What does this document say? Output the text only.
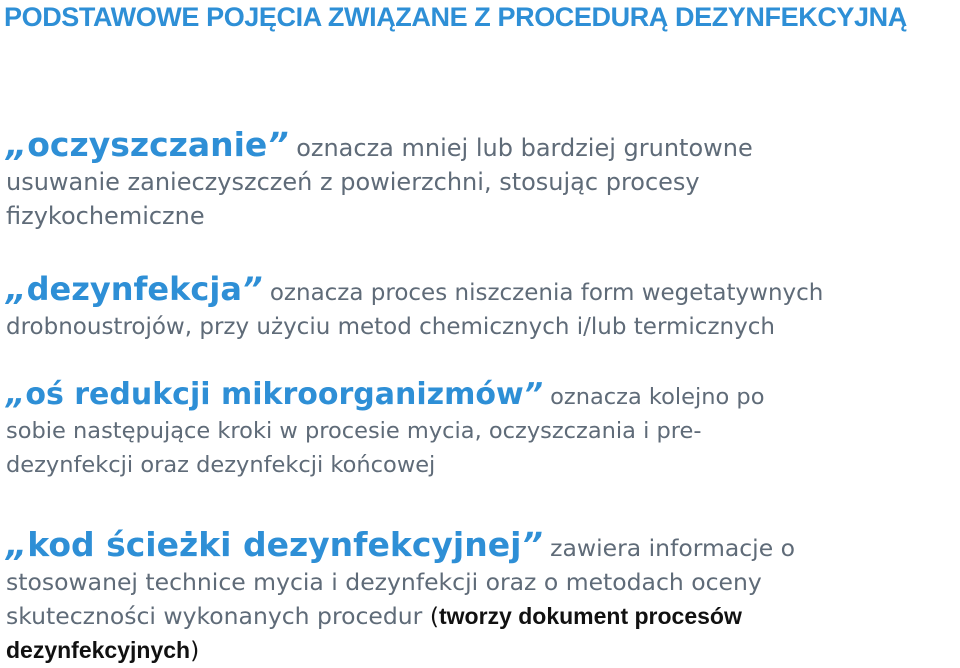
PODSTAWOWE POJĘCIA ZWIĄZANE Z PROCEDURĄ DEZYNFEKCYJNĄ

„oczyszczanie” oznacza mniej lub bardziej gruntowne
usuwanie zanieczyszczeń z powierzchni, stosując procesy
fizykochemiczne

„dezynfekcja” oznacza proces niszczenia form wegetatywnych
drobnoustrojów, przy użyciu metod chemicznych i/lub termicznych

„oś redukcji mikroorganizmów” oznacza kolejno po
sobie następujące kroki w procesie mycia, oczyszczania i pre-
dezynfekcji oraz dezynfekcji końcowej

„kod ścieżki dezynfekcyjnej” zawiera informacje o
stosowanej technice mycia i dezynfekcji oraz o metodach oceny
skuteczności wykonanych procedur (tworzy dokument procesów
dezynfekcyjnych)
